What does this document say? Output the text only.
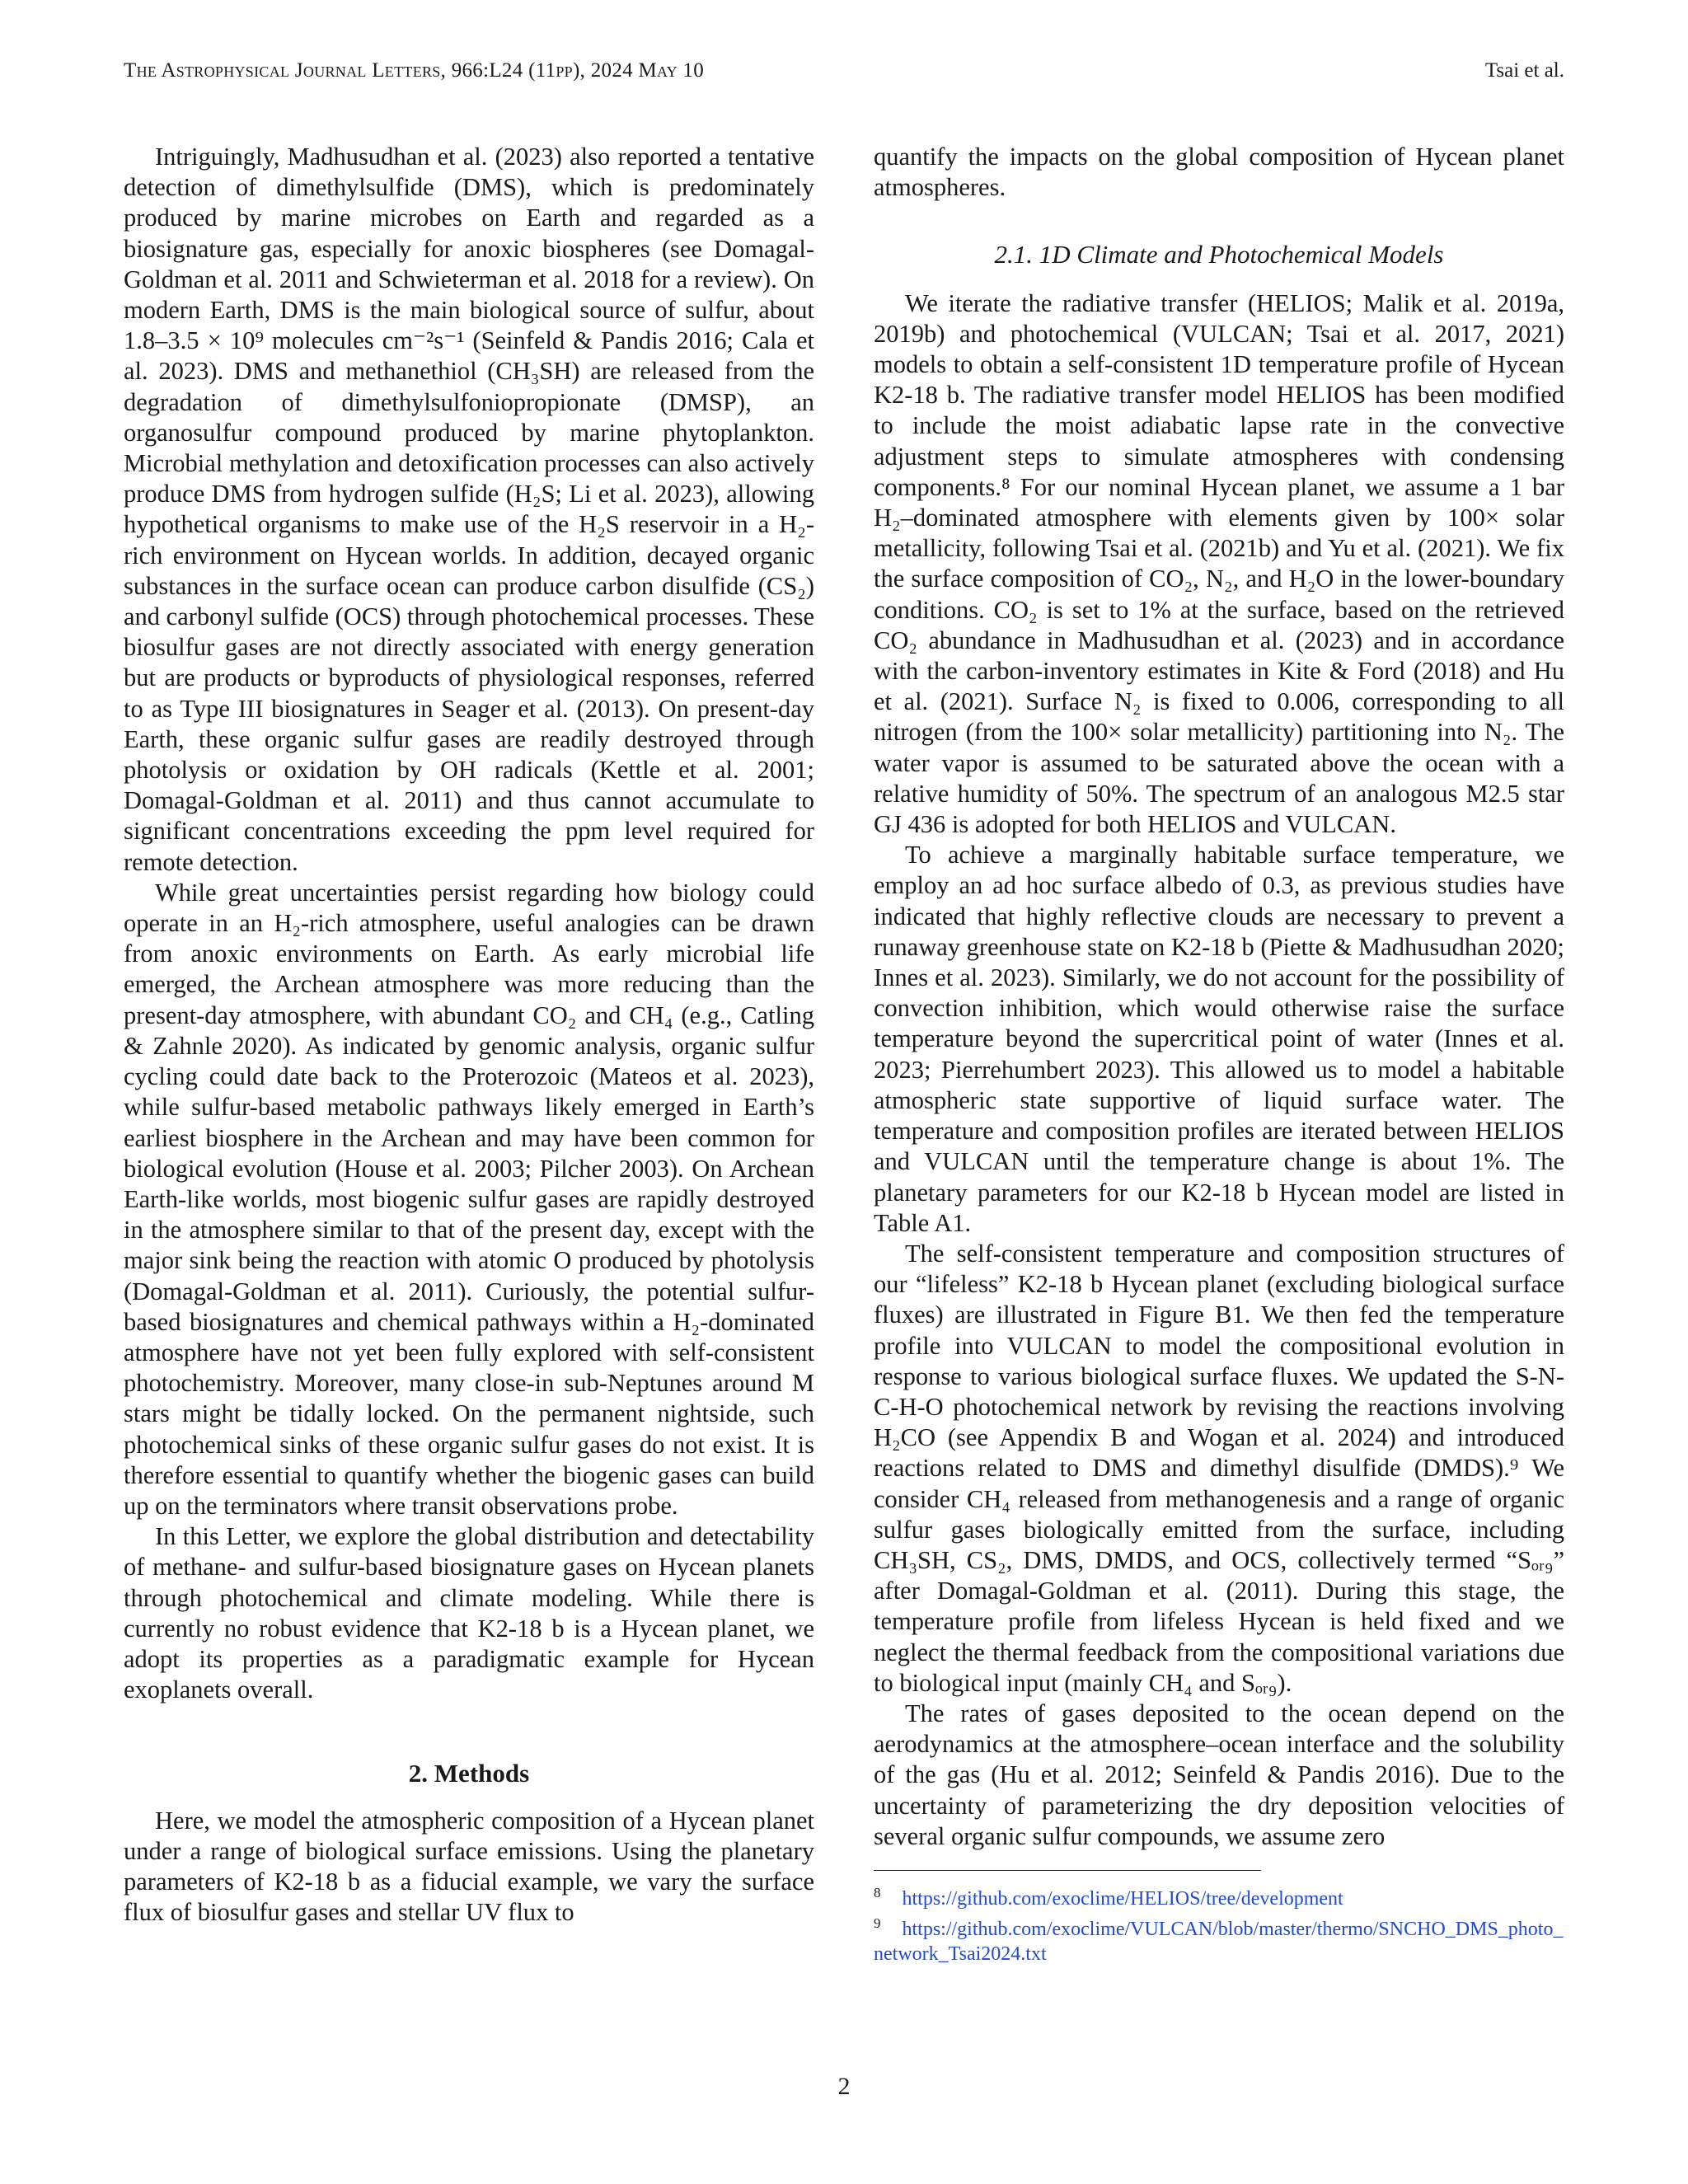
The Astrophysical Journal Letters, 966:L24 (11pp), 2024 May 10	Tsai et al.

Intriguingly, Madhusudhan et al. (2023) also reported a tentative detection of dimethylsulfide (DMS), which is predominately produced by marine microbes on Earth and regarded as a biosignature gas, especially for anoxic biospheres (see Domagal-Goldman et al. 2011 and Schwieterman et al. 2018 for a review). On modern Earth, DMS is the main biological source of sulfur, about 1.8–3.5 × 10⁹ molecules cm⁻²s⁻¹ (Seinfeld & Pandis 2016; Cala et al. 2023). DMS and methanethiol (CH₃SH) are released from the degradation of dimethylsulfoniopropionate (DMSP), an organosulfur compound produced by marine phytoplankton. Microbial methylation and detoxification processes can also actively produce DMS from hydrogen sulfide (H₂S; Li et al. 2023), allowing hypothetical organisms to make use of the H₂S reservoir in a H₂-rich environment on Hycean worlds. In addition, decayed organic substances in the surface ocean can produce carbon disulfide (CS₂) and carbonyl sulfide (OCS) through photochemical processes. These biosulfur gases are not directly associated with energy generation but are products or byproducts of physiological responses, referred to as Type III biosignatures in Seager et al. (2013). On present-day Earth, these organic sulfur gases are readily destroyed through photolysis or oxidation by OH radicals (Kettle et al. 2001; Domagal-Goldman et al. 2011) and thus cannot accumulate to significant concentrations exceeding the ppm level required for remote detection.

While great uncertainties persist regarding how biology could operate in an H₂-rich atmosphere, useful analogies can be drawn from anoxic environments on Earth. As early microbial life emerged, the Archean atmosphere was more reducing than the present-day atmosphere, with abundant CO₂ and CH₄ (e.g., Catling & Zahnle 2020). As indicated by genomic analysis, organic sulfur cycling could date back to the Proterozoic (Mateos et al. 2023), while sulfur-based metabolic pathways likely emerged in Earth’s earliest biosphere in the Archean and may have been common for biological evolution (House et al. 2003; Pilcher 2003). On Archean Earth-like worlds, most biogenic sulfur gases are rapidly destroyed in the atmosphere similar to that of the present day, except with the major sink being the reaction with atomic O produced by photolysis (Domagal-Goldman et al. 2011). Curiously, the potential sulfur-based biosignatures and chemical pathways within a H₂-dominated atmosphere have not yet been fully explored with self-consistent photochemistry. Moreover, many close-in sub-Neptunes around M stars might be tidally locked. On the permanent nightside, such photochemical sinks of these organic sulfur gases do not exist. It is therefore essential to quantify whether the biogenic gases can build up on the terminators where transit observations probe.

In this Letter, we explore the global distribution and detectability of methane- and sulfur-based biosignature gases on Hycean planets through photochemical and climate modeling. While there is currently no robust evidence that K2-18 b is a Hycean planet, we adopt its properties as a paradigmatic example for Hycean exoplanets overall.

2. Methods

Here, we model the atmospheric composition of a Hycean planet under a range of biological surface emissions. Using the planetary parameters of K2-18 b as a fiducial example, we vary the surface flux of biosulfur gases and stellar UV flux to

quantify the impacts on the global composition of Hycean planet atmospheres.

2.1. 1D Climate and Photochemical Models

We iterate the radiative transfer (HELIOS; Malik et al. 2019a, 2019b) and photochemical (VULCAN; Tsai et al. 2017, 2021) models to obtain a self-consistent 1D temperature profile of Hycean K2-18 b. The radiative transfer model HELIOS has been modified to include the moist adiabatic lapse rate in the convective adjustment steps to simulate atmospheres with condensing components.⁸ For our nominal Hycean planet, we assume a 1 bar H₂–dominated atmosphere with elements given by 100× solar metallicity, following Tsai et al. (2021b) and Yu et al. (2021). We fix the surface composition of CO₂, N₂, and H₂O in the lower-boundary conditions. CO₂ is set to 1% at the surface, based on the retrieved CO₂ abundance in Madhusudhan et al. (2023) and in accordance with the carbon-inventory estimates in Kite & Ford (2018) and Hu et al. (2021). Surface N₂ is fixed to 0.006, corresponding to all nitrogen (from the 100× solar metallicity) partitioning into N₂. The water vapor is assumed to be saturated above the ocean with a relative humidity of 50%. The spectrum of an analogous M2.5 star GJ 436 is adopted for both HELIOS and VULCAN.

To achieve a marginally habitable surface temperature, we employ an ad hoc surface albedo of 0.3, as previous studies have indicated that highly reflective clouds are necessary to prevent a runaway greenhouse state on K2-18 b (Piette & Madhusudhan 2020; Innes et al. 2023). Similarly, we do not account for the possibility of convection inhibition, which would otherwise raise the surface temperature beyond the supercritical point of water (Innes et al. 2023; Pierrehumbert 2023). This allowed us to model a habitable atmospheric state supportive of liquid surface water. The temperature and composition profiles are iterated between HELIOS and VULCAN until the temperature change is about 1%. The planetary parameters for our K2-18 b Hycean model are listed in Table A1.

The self-consistent temperature and composition structures of our “lifeless” K2-18 b Hycean planet (excluding biological surface fluxes) are illustrated in Figure B1. We then fed the temperature profile into VULCAN to model the compositional evolution in response to various biological surface fluxes. We updated the S-N-C-H-O photochemical network by revising the reactions involving H₂CO (see Appendix B and Wogan et al. 2024) and introduced reactions related to DMS and dimethyl disulfide (DMDS).⁹ We consider CH₄ released from methanogenesis and a range of organic sulfur gases biologically emitted from the surface, including CH₃SH, CS₂, DMS, DMDS, and OCS, collectively termed “Sₒᵣ₉” after Domagal-Goldman et al. (2011). During this stage, the temperature profile from lifeless Hycean is held fixed and we neglect the thermal feedback from the compositional variations due to biological input (mainly CH₄ and Sₒᵣ₉).

The rates of gases deposited to the ocean depend on the aerodynamics at the atmosphere–ocean interface and the solubility of the gas (Hu et al. 2012; Seinfeld & Pandis 2016). Due to the uncertainty of parameterizing the dry deposition velocities of several organic sulfur compounds, we assume zero

$^8$ https://github.com/exoclime/HELIOS/tree/development
$^9$ https://github.com/exoclime/VULCAN/blob/master/thermo/SNCHO_DMS_photo_network_Tsai2024.txt
2
